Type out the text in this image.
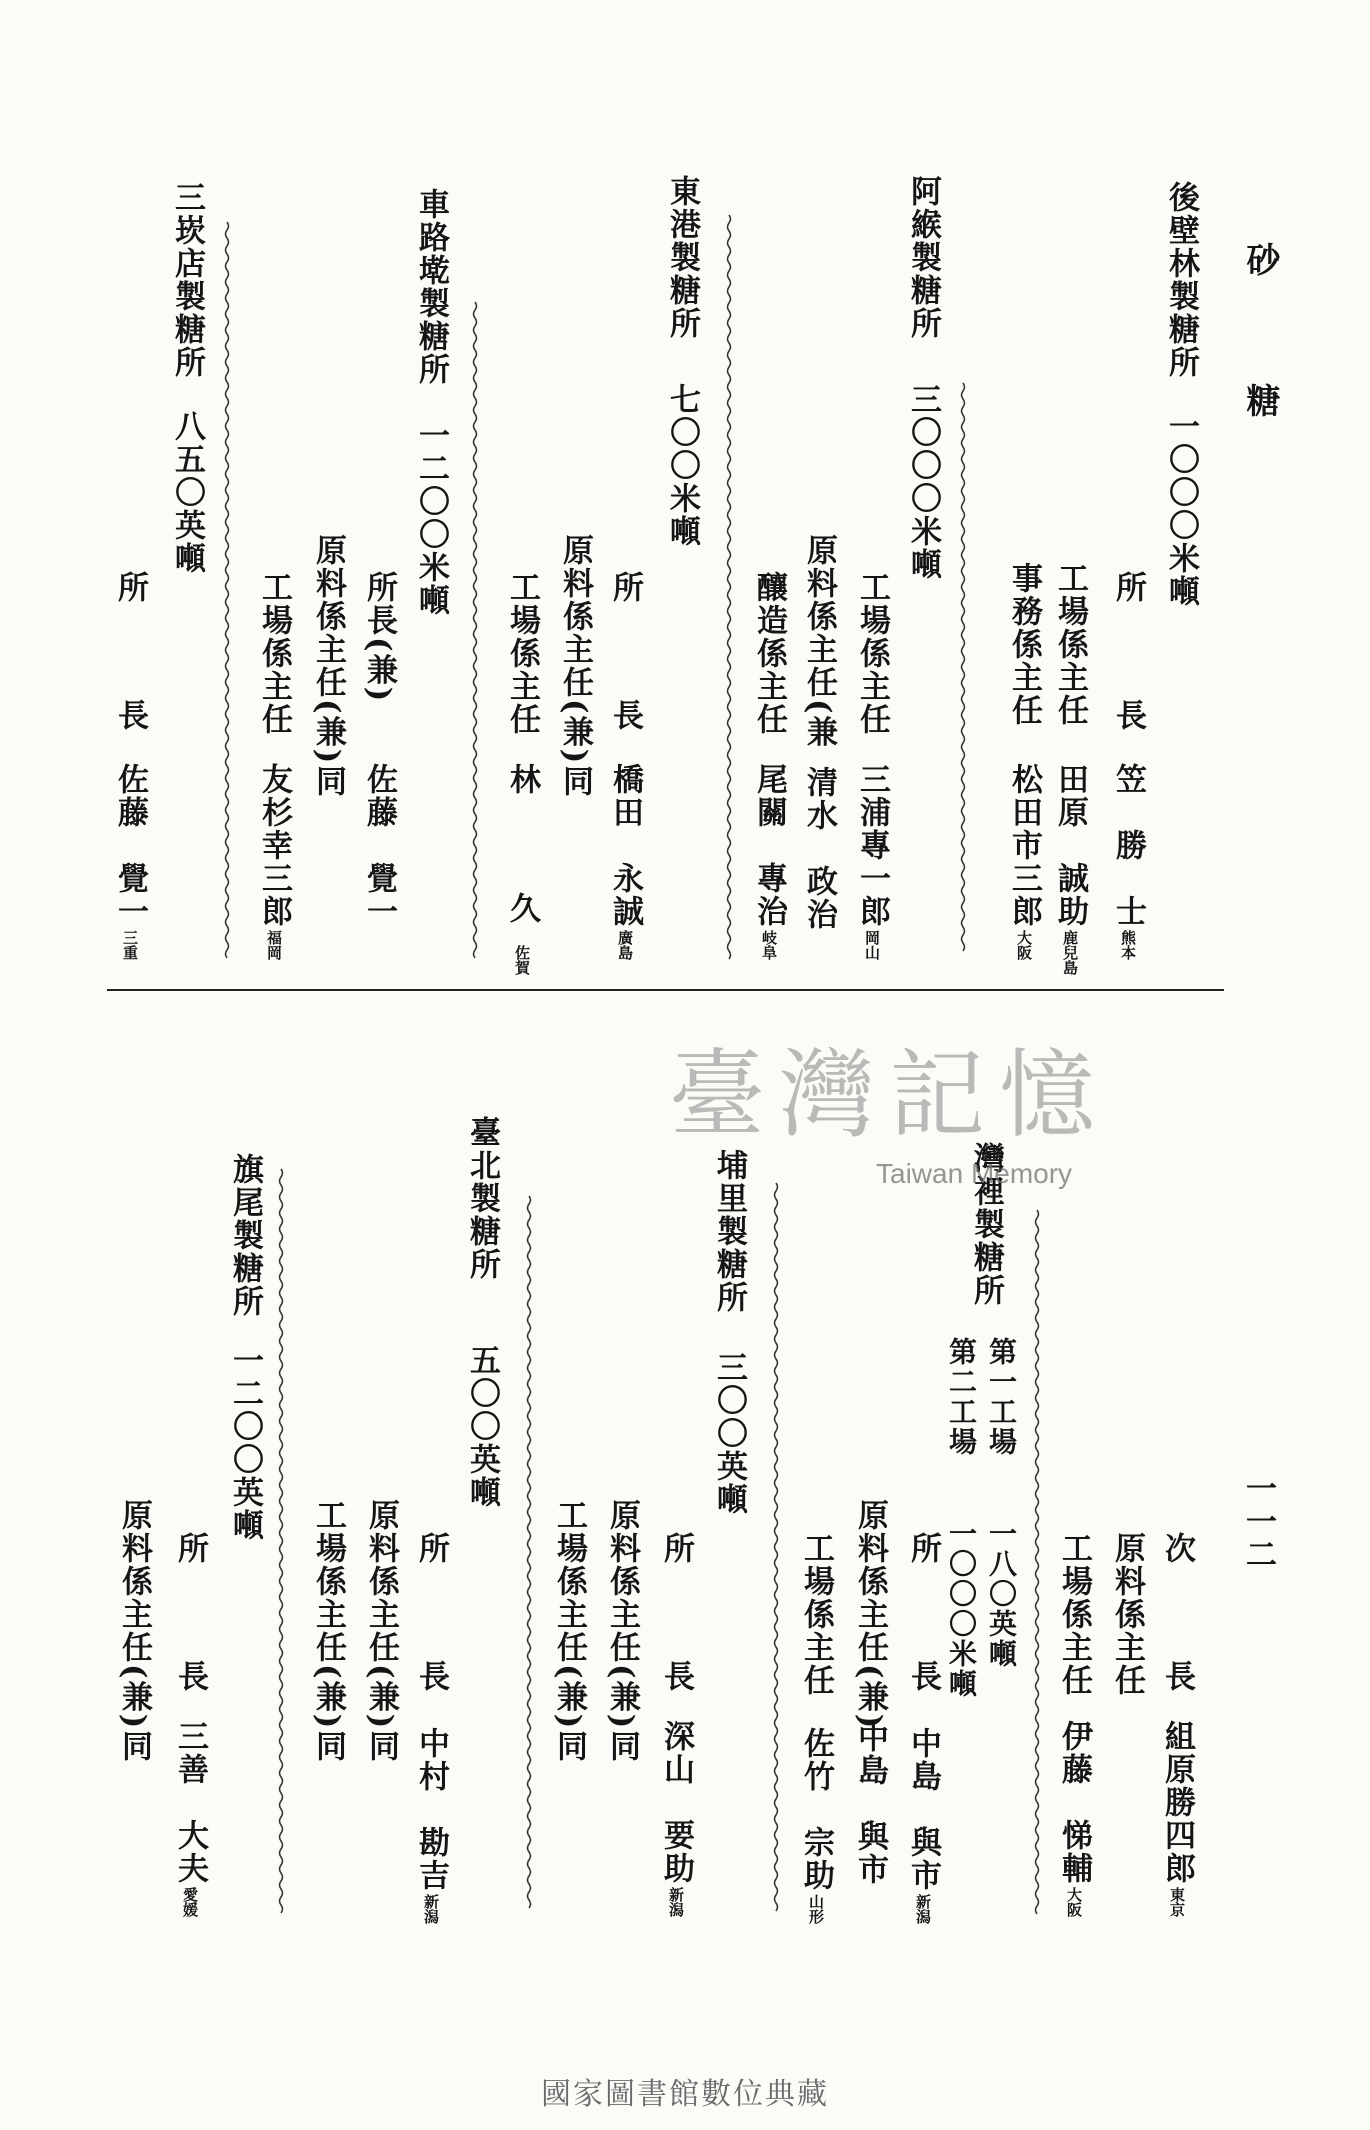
砂
糖
一一二
後壁林製糖所
一〇〇〇米噸
所　長
笠　勝　士
熊本
工場係主任
田原　誠助
鹿兒島
事務係主任
松田市三郎
大阪
阿緱製糖所
三〇〇〇米噸
工場係主任
三浦專一郎
岡山
原料係主任(兼
清水　政治
釀造係主任
尾關　專治
岐阜
東港製糖所
七〇〇米噸
所　長
橋田　永誠
廣島
原料係主任(兼)同
工場係主任
林　　久
佐賀
車路墘製糖所
一二〇〇米噸
所長(兼)
佐藤　覺一
原料係主任(兼)同
工場係主任
友杉幸三郎
福岡
三崁店製糖所
八五〇英噸
所　長
佐藤　覺一
三重
次　長
組原勝四郎
東京
原料係主任
工場係主任
伊藤　悌輔
大阪
灣裡製糖所
第一工場
第二工場
一八〇英噸
一〇〇〇米噸
所　長
中島　與市
新潟
原料係主任(兼)
中島　與市
工場係主任
佐竹　宗助
山形
埔里製糖所
三〇〇英噸
所　長
深山　要助
新潟
原料係主任(兼)同
工場係主任(兼)同
臺北製糖所
五〇〇英噸
所　長
中村　勘吉
新潟
原料係主任(兼)同
工場係主任(兼)同
旗尾製糖所
一二〇〇英噸
所　長
三善　大夫
愛媛
原料係主任(兼)同
臺灣記憶
Taiwan Memory
國家圖書館數位典藏
